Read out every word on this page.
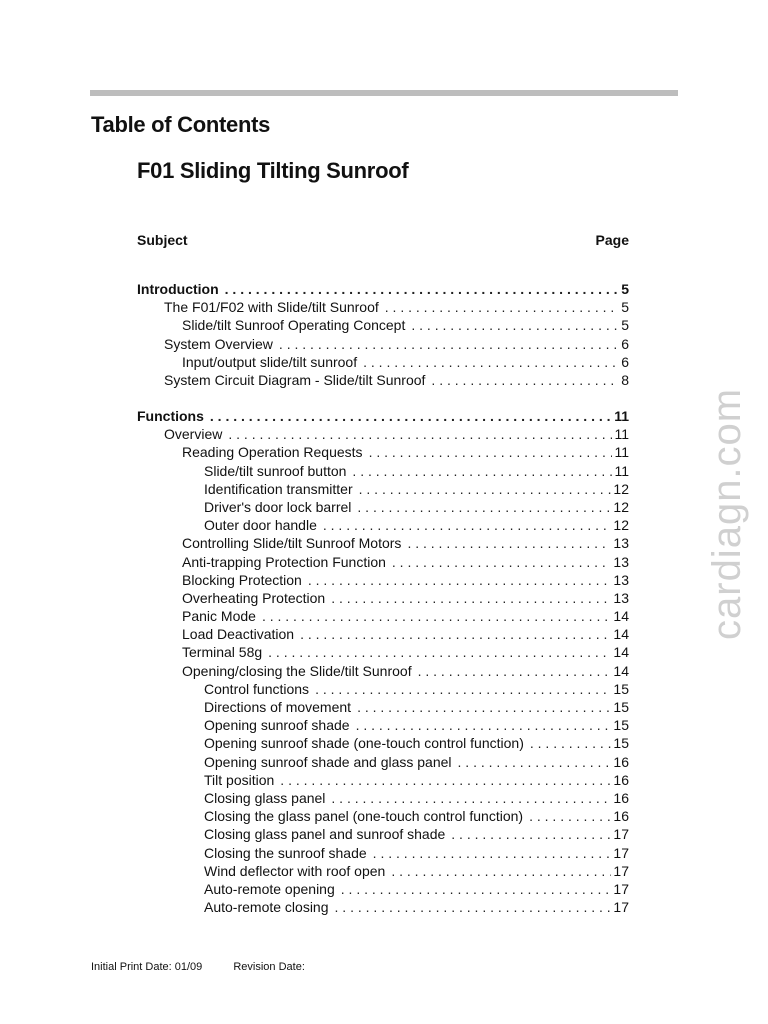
Table of Contents
F01 Sliding Tilting Sunroof
Subject	Page
Introduction . . .	5
The F01/F02 with Slide/tilt Sunroof . . .	5
Slide/tilt Sunroof Operating Concept . . .	5
System Overview . . .	6
Input/output slide/tilt sunroof . . .	6
System Circuit Diagram - Slide/tilt Sunroof . . .	8
Functions . . .	11
Overview . . .	11
Reading Operation Requests . . .	11
Slide/tilt sunroof button . . .	11
Identification transmitter . . .	12
Driver's door lock barrel . . .	12
Outer door handle . . .	12
Controlling Slide/tilt Sunroof Motors . . .	13
Anti-trapping Protection Function . . .	13
Blocking Protection . . .	13
Overheating Protection . . .	13
Panic Mode . . .	14
Load Deactivation . . .	14
Terminal 58g . . .	14
Opening/closing the Slide/tilt Sunroof . . .	14
Control functions . . .	15
Directions of movement . . .	15
Opening sunroof shade . . .	15
Opening sunroof shade (one-touch control function) . . .	15
Opening sunroof shade and glass panel . . .	16
Tilt position . . .	16
Closing glass panel . . .	16
Closing the glass panel (one-touch control function) . . .	16
Closing glass panel and sunroof shade . . .	17
Closing the sunroof shade . . .	17
Wind deflector with roof open . . .	17
Auto-remote opening . . .	17
Auto-remote closing . . .	17
cardiagn.com
Initial Print Date: 01/09	Revision Date:
